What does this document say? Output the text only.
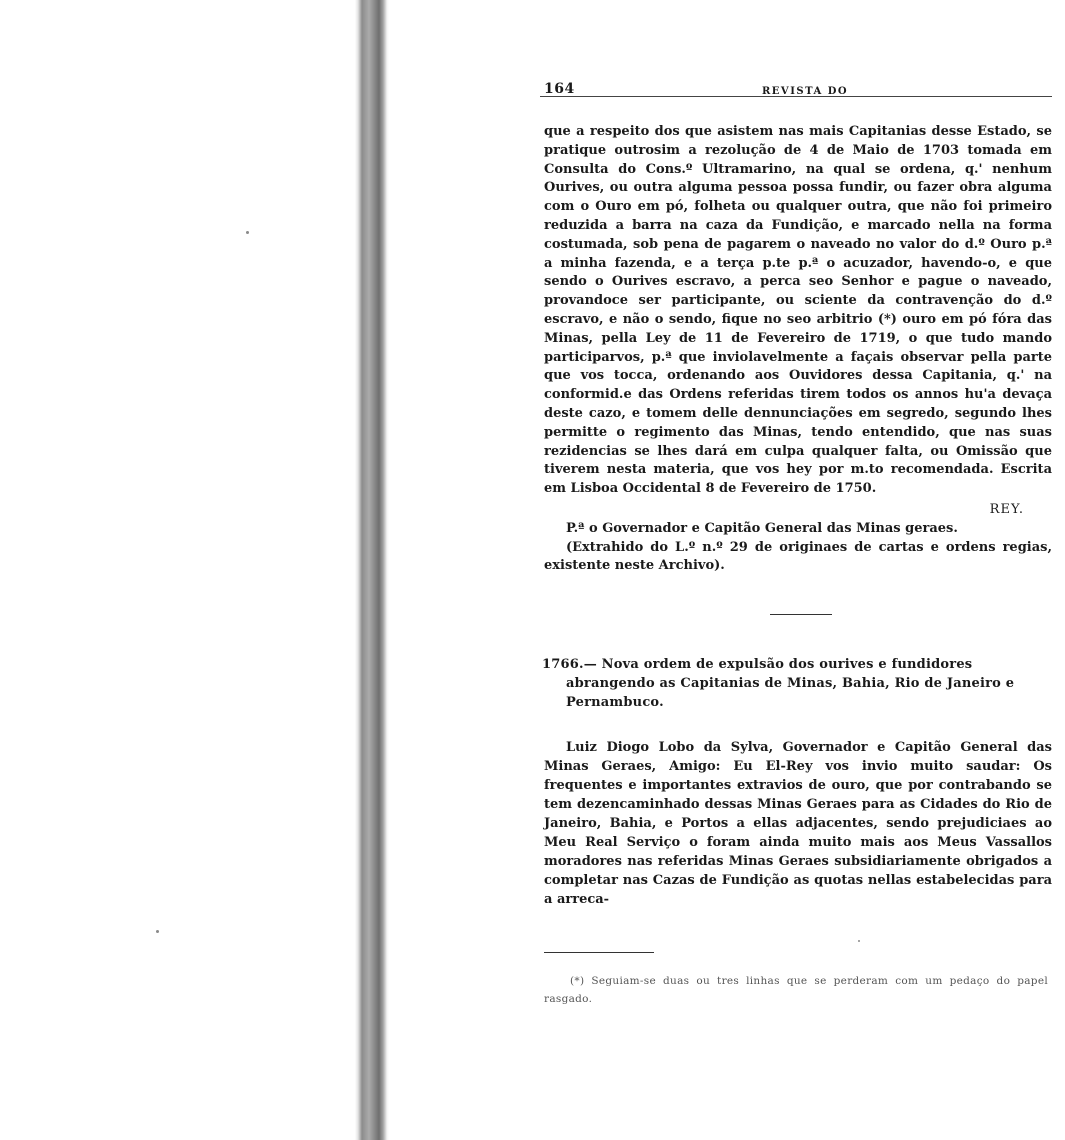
164	REVISTA DO

que a respeito dos que asistem nas mais Capitanias desse Estado, se pratique outrosim a rezolução de 4 de Maio de 1703 tomada em Consulta do Cons.º Ultramarino, na qual se ordena, q.' nenhum Ourives, ou outra alguma pessoa possa fundir, ou fazer obra alguma com o Ouro em pó, folheta ou qualquer outra, que não foi primeiro reduzida a barra na caza da Fundição, e marcado nella na forma costumada, sob pena de pagarem o naveado no valor do d.º Ouro p.ª a minha fazenda, e a terça p.te p.ª o acuzador, havendo-o, e que sendo o Ourives escravo, a perca seo Senhor e pague o naveado, provandoce ser participante, ou sciente da contravenção do d.º escravo, e não o sendo, fique no seo arbitrio (*) ouro em pó fóra das Minas, pella Ley de 11 de Fevereiro de 1719, o que tudo mando participarvos, p.ª que inviolavelmente a façais observar pella parte que vos tocca, ordenando aos Ouvidores dessa Capitania, q.' na conformid.e das Ordens referidas tirem todos os annos hu'a devaça deste cazo, e tomem delle dennunciações em segredo, segundo lhes permitte o regimento das Minas, tendo entendido, que nas suas rezidencias se lhes dará em culpa qualquer falta, ou Omissão que tiverem nesta materia, que vos hey por m.to recomendada. Escrita em Lisboa Occidental 8 de Fevereiro de 1750.

REY.

P.ª o Governador e Capitão General das Minas geraes.

(Extrahido do L.º n.º 29 de originaes de cartas e ordens regias, existente neste Archivo).

1766.— Nova ordem de expulsão dos ourives e fundidores abrangendo as Capitanias de Minas, Bahia, Rio de Janeiro e Pernambuco.

Luiz Diogo Lobo da Sylva, Governador e Capitão General das Minas Geraes, Amigo: Eu El-Rey vos invio muito saudar: Os frequentes e importantes extravios de ouro, que por contrabando se tem dezencaminhado dessas Minas Geraes para as Cidades do Rio de Janeiro, Bahia, e Portos a ellas adjacentes, sendo prejudiciaes ao Meu Real Serviço o foram ainda muito mais aos Meus Vassallos moradores nas referidas Minas Geraes subsidiariamente obrigados a completar nas Cazas de Fundição as quotas nellas estabelecidas para a arreca-

(*) Seguiam-se duas ou tres linhas que se perderam com um pedaço do papel rasgado.
